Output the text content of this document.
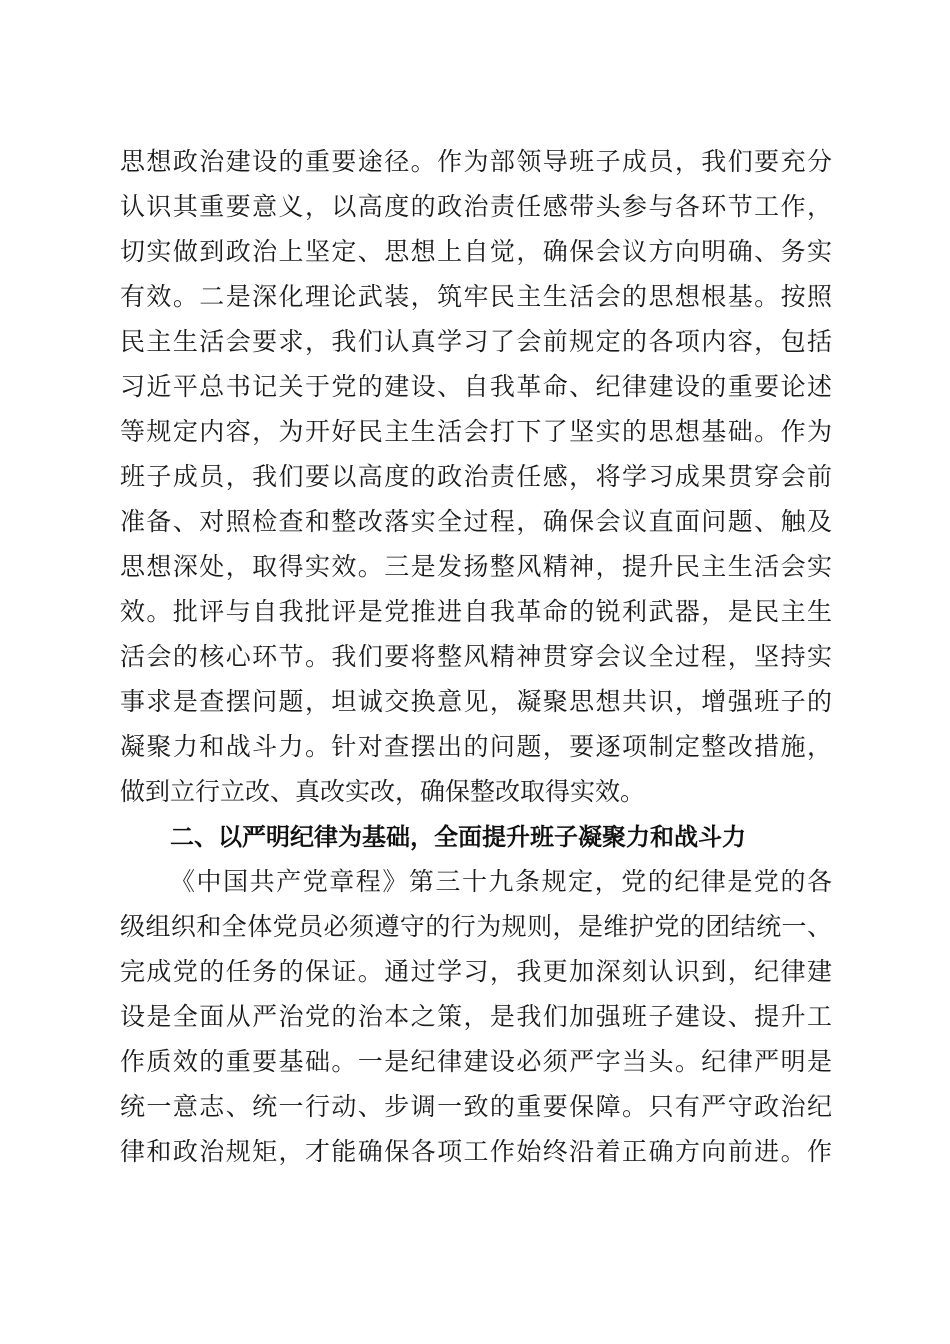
思想政治建设的重要途径。作为部领导班子成员，我们要充分
认识其重要意义，以高度的政治责任感带头参与各环节工作，
切实做到政治上坚定、思想上自觉，确保会议方向明确、务实
有效。二是深化理论武装，筑牢民主生活会的思想根基。按照
民主生活会要求，我们认真学习了会前规定的各项内容，包括
习近平总书记关于党的建设、自我革命、纪律建设的重要论述
等规定内容，为开好民主生活会打下了坚实的思想基础。作为
班子成员，我们要以高度的政治责任感，将学习成果贯穿会前
准备、对照检查和整改落实全过程，确保会议直面问题、触及
思想深处，取得实效。三是发扬整风精神，提升民主生活会实
效。批评与自我批评是党推进自我革命的锐利武器，是民主生
活会的核心环节。我们要将整风精神贯穿会议全过程，坚持实
事求是查摆问题，坦诚交换意见，凝聚思想共识，增强班子的
凝聚力和战斗力。针对查摆出的问题，要逐项制定整改措施，
做到立行立改、真改实改，确保整改取得实效。
二、以严明纪律为基础，全面提升班子凝聚力和战斗力
《中国共产党章程》第三十九条规定，党的纪律是党的各
级组织和全体党员必须遵守的行为规则，是维护党的团结统一、
完成党的任务的保证。通过学习，我更加深刻认识到，纪律建
设是全面从严治党的治本之策，是我们加强班子建设、提升工
作质效的重要基础。一是纪律建设必须严字当头。纪律严明是
统一意志、统一行动、步调一致的重要保障。只有严守政治纪
律和政治规矩，才能确保各项工作始终沿着正确方向前进。作
